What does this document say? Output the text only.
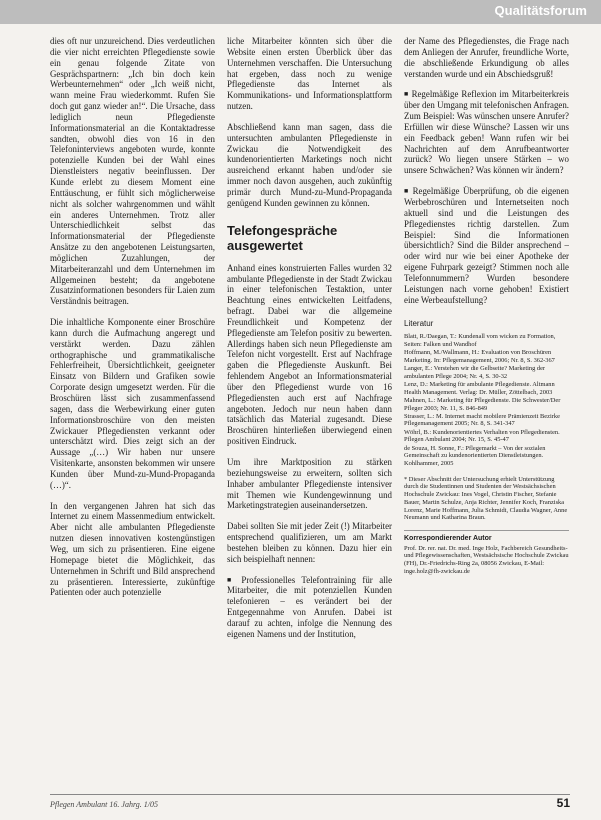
Qualitätsforum

dies oft nur unzureichend. Dies verdeutlichen die vier nicht erreichten Pflegedienste sowie ein genau folgende Zitate von Gesprächspartnern: „Ich bin doch kein Werbeunternehmen“ oder „Ich weiß nicht, wann meine Frau wiederkommt. Rufen Sie doch gut ganz wieder an!“. Die Ursache, dass lediglich neun Pflegedienste Informationsmaterial an die Kontaktadresse sandten, obwohl dies von 16 in den Telefoninterviews angeboten wurde, konnte potenzielle Kunden bei der Wahl eines Dienstleisters negativ beeinflussen. Der Kunde erlebt zu diesem Moment eine Enttäuschung, er fühlt sich möglicherweise nicht als solcher wahrgenommen und wählt ein anderes Unternehmen. Trotz aller Unterschiedlichkeit selbst das Informationsmaterial der Pflegedienste Ansätze zu den angebotenen Leistungsarten, möglichen Zuzahlungen, der Mitarbeiteranzahl und dem Unternehmen im Allgemeinen besteht; da angebotene Zusatzinformationen besonders für Laien zum Verständnis beitragen.

Die inhaltliche Komponente einer Broschüre kann durch die Aufmachung angeregt und verstärkt werden. Dazu zählen orthographische und grammatikalische Fehlerfreiheit, Übersichtlichkeit, geeigneter Einsatz von Bildern und Grafiken sowie Corporate design umgesetzt werden. Für die Broschüren lässt sich zusammenfassend sagen, dass die Werbewirkung einer guten Informationsbroschüre von den meisten Zwickauer Pflegediensten verkannt oder unterschätzt wird. Dies zeigt sich an der Aussage „(…) Wir haben nur unsere Visitenkarte, ansonsten bekommen wir unsere Kunden über Mund-zu-Mund-Propaganda (…)“.

In den vergangenen Jahren hat sich das Internet zu einem Massenmedium entwickelt. Aber nicht alle ambulanten Pflegedienste nutzen diesen innovativen kostengünstigen Weg, um sich zu präsentieren. Eine eigene Homepage bietet die Möglichkeit, das Unternehmen in Schrift und Bild ansprechend zu präsentieren. Interessierte, zukünftige Patienten oder auch potenzielle

liche Mitarbeiter könnten sich über die Website einen ersten Überblick über das Unternehmen verschaffen. Die Untersuchung hat ergeben, dass noch zu wenige Pflegedienste das Internet als Kommunikations- und Informationsplattform nutzen.

Abschließend kann man sagen, dass die untersuchten ambulanten Pflegedienste in Zwickau die Notwendigkeit des kundenorientierten Marketings noch nicht ausreichend erkannt haben und/oder sie immer noch davon ausgehen, auch zukünftig primär durch Mund-zu-Mund-Propaganda genügend Kunden gewinnen zu können.

Telefongespräche ausgewertet

Anhand eines konstruierten Falles wurden 32 ambulante Pflegedienste in der Stadt Zwickau in einer telefonischen Testaktion, unter Beachtung eines entwickelten Leitfadens, befragt. Dabei war die allgemeine Freundlichkeit und Kompetenz der Pflegedienste am Telefon positiv zu bewerten. Allerdings haben sich neun Pflegedienste am Telefon nicht vorgestellt. Erst auf Nachfrage gaben die Pflegedienste Auskunft. Bei fehlendem Angebot an Informationsmaterial über den Pflegedienst wurde von 16 Pflegediensten auch erst auf Nachfrage angeboten. Jedoch nur neun haben dann tatsächlich das Material zugesandt. Diese Broschüren hinterließen überwiegend einen positiven Eindruck.

Um ihre Marktposition zu stärken beziehungsweise zu erweitern, sollten sich Inhaber ambulanter Pflegedienste intensiver mit Themen wie Kundengewinnung und Marketingstrategien auseinandersetzen.

Dabei sollten Sie mit jeder Zeit (!) Mitarbeiter entsprechend qualifizieren, um am Markt bestehen bleiben zu können. Dazu hier ein sich beispielhaft nennen:

■ Professionelles Telefontraining für alle Mitarbeiter, die mit potenziellen Kunden telefonieren – es verändert bei der Entgegennahme von Anrufen. Dabei ist darauf zu achten, infolge die Nennung des eigenen Namens und der Institution,

der Name des Pflegedienstes, die Frage nach dem Anliegen der Anrufer, freundliche Worte, die abschließende Erkundigung ob alles verstanden wurde und ein Abschiedsgruß!

■ Regelmäßige Reflexion im Mitarbeiterkreis über den Umgang mit telefonischen Anfragen. Zum Beispiel: Was wünschen unsere Anrufer? Erfüllen wir diese Wünsche? Lassen wir uns ein Feedback geben! Wann rufen wir bei Nachrichten auf dem Anrufbeantworter zurück? Wo liegen unsere Stärken – wo unsere Schwächen? Was können wir ändern?

■ Regelmäßige Überprüfung, ob die eigenen Werbebroschüren und Internetseiten noch aktuell sind und die Leistungen des Pflegedienstes richtig darstellen. Zum Beispiel: Sind die Informationen übersichtlich? Sind die Bilder ansprechend – oder wird nur wie bei einer Apotheke der eigene Fuhrpark gezeigt? Stimmen noch alle Telefonnummern? Wurden besondere Leistungen nach vorne gehoben! Existiert eine Werbeaufstellung?

Literatur
Blatt, R./Daegan, T.: Kundenall vom wicken zu Formation, Seiten: Falken und Wandhof
Hoffmann, M./Wallmann, H.: Evaluation von Broschüren Marketing. In: Pflegemanagement, 2006; Nr. 8, S. 362-367
Langer, E.: Verstehen wir die Gelbseite? Marketing der ambulanten Pflege 2004; Nr. 4, S. 30-32
Lenz, D.: Marketing für ambulante Pflegedienste. Altmann Health Management. Verlag: Dr. Müller, Zöttelbach, 2003
Mahnen, L.: Marketing für Pflegedienste. Die Schwester/Der Pfleger 2003; Nr. 11, S. 846-849
Strasser, L.: M. Internet macht mobilere Prämienzeit Bezirke Pflegemanagement 2005; Nr. 8, S. 341-347
Wöhrl, B.: Kundenorientiertes Verhalten von Pflegediensten. Pflegen Ambulant 2004; Nr. 15, S. 45-47
de Souza, H. Sonne, F.: Pflegemarkt – Von der sozialen Gemeinschaft zu kundenorientierten Dienstleistungen. Kohlhammer, 2005
* Dieser Abschnitt der Untersuchung erhielt Unterstützung durch die Studentinnen und Studenten der Westsächsischen Hochschule Zwickau: Ines Vogel, Christin Fischer, Stefanie Bauer, Martin Schulze, Anja Richter, Jennifer Koch, Franziska Lorenz, Marie Hoffmann, Julia Schmidt, Claudia Wagner, Anne Neumann und Katharina Braun.
Korrespondierender Autor
Prof. Dr. rer. nat. Dr. med. Inge Holz, Fachbereich Gesundheits- und Pflegewissenschaften, Westsächsische Hochschule Zwickau (FH), Dr.-Friedrichs-Ring 2a, 08056 Zwickau, E-Mail: inge.holz@fh-zwickau.de
Pflegen Ambulant 16. Jahrg. 1/05	51
